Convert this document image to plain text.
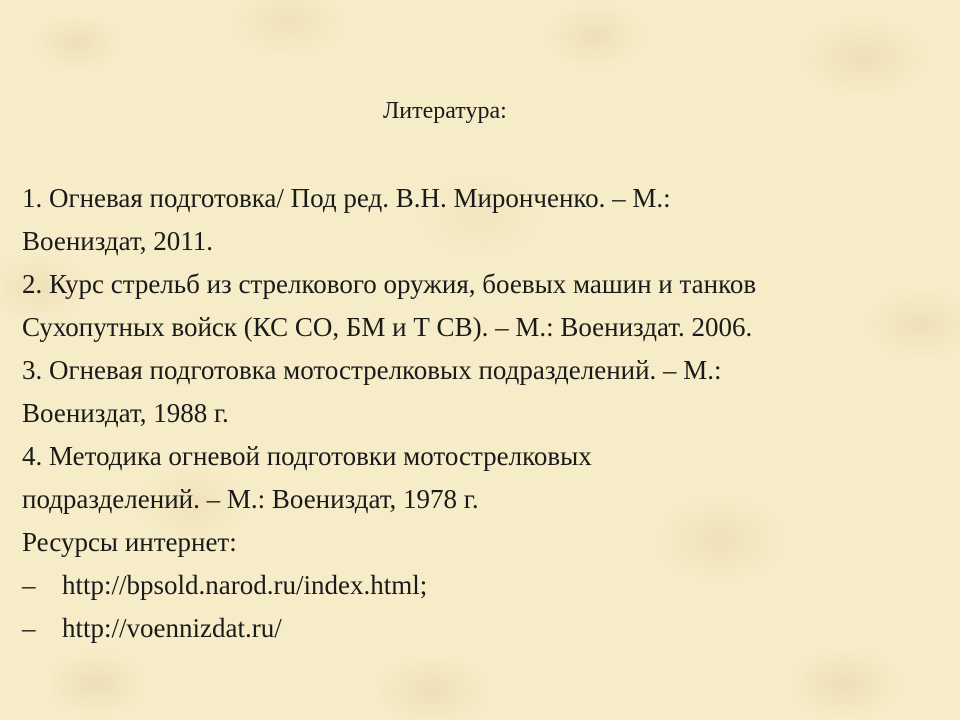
Литература:
1. Огневая подготовка/ Под ред. В.Н. Миронченко. – М.:
Воениздат, 2011.
2. Курс стрельб из стрелкового оружия, боевых машин и танков
Сухопутных войск (КС СО, БМ и Т СВ). – М.: Воениздат. 2006.
3. Огневая подготовка мотострелковых подразделений. – М.:
Воениздат, 1988 г.
4. Методика огневой подготовки мотострелковых
подразделений. – М.: Воениздат, 1978 г.
Ресурсы интернет:
– http://bpsold.narod.ru/index.html;
– http://voennizdat.ru/
